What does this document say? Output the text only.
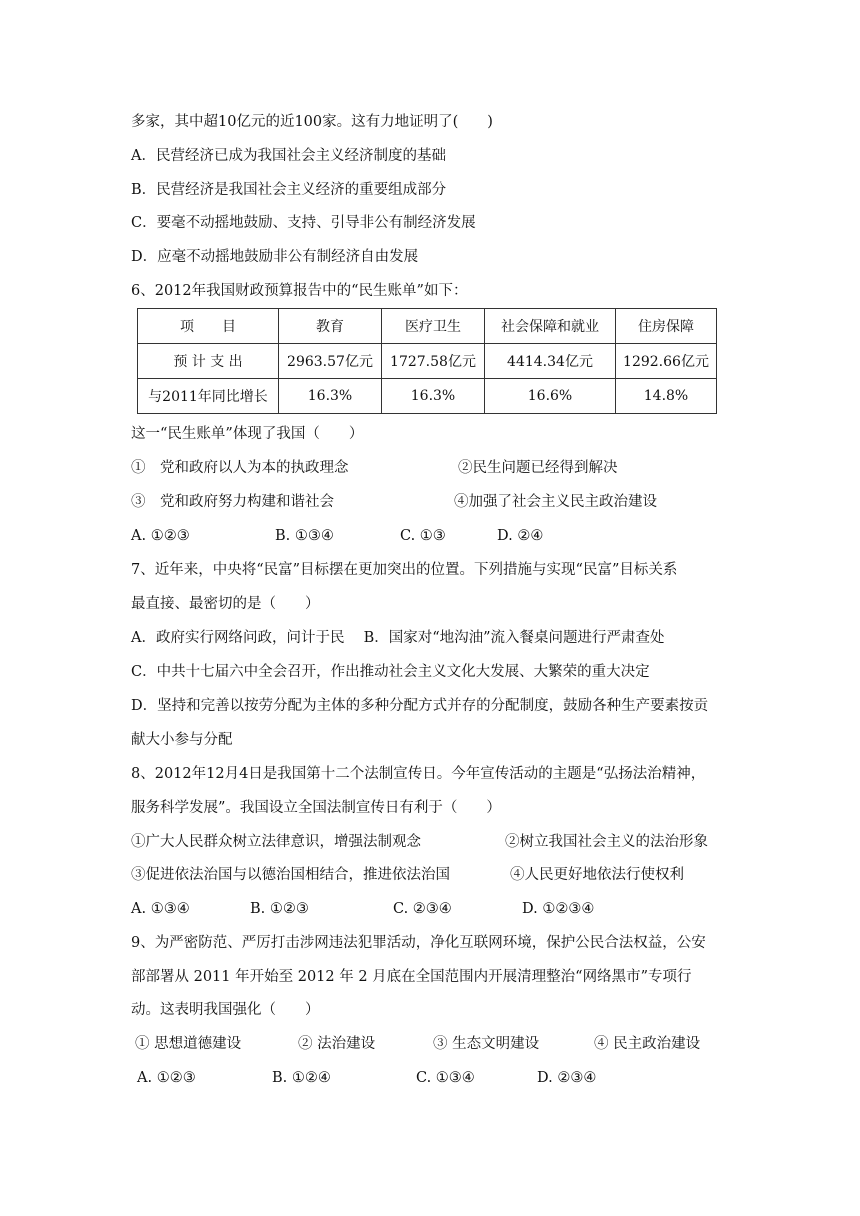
多家，其中超10亿元的近100家。这有力地证明了(　　)
A．民营经济已成为我国社会主义经济制度的基础
B．民营经济是我国社会主义经济的重要组成部分
C．要毫不动摇地鼓励、支持、引导非公有制经济发展
D．应毫不动摇地鼓励非公有制经济自由发展
6、2012年我国财政预算报告中的“民生账单”如下：
项　　目	教育	医疗卫生	社会保障和就业	住房保障
预 计 支 出	2963.57亿元	1727.58亿元	4414.34亿元	1292.66亿元
与2011年同比增长	16.3%	16.3%	16.6%	14.8%
这一“民生账单”体现了我国（　　）
①　党和政府以人为本的执政理念	②民生问题已经得到解决
③　党和政府努力构建和谐社会	④加强了社会主义民主政治建设
A. ①②③	B. ①③④	C. ①③	D. ②④
7、近年来，中央将“民富”目标摆在更加突出的位置。下列措施与实现“民富”目标关系
最直接、最密切的是（　　）
A．政府实行网络问政，问计于民　 B．国家对“地沟油”流入餐桌问题进行严肃查处
C．中共十七届六中全会召开，作出推动社会主义文化大发展、大繁荣的重大决定
D．坚持和完善以按劳分配为主体的多种分配方式并存的分配制度，鼓励各种生产要素按贡
献大小参与分配
8、2012年12月4日是我国第十二个法制宣传日。今年宣传活动的主题是“弘扬法治精神，
服务科学发展”。我国设立全国法制宣传日有利于（　　）
①广大人民群众树立法律意识，增强法制观念	②树立我国社会主义的法治形象
③促进依法治国与以德治国相结合，推进依法治国	④人民更好地依法行使权利
A. ①③④	B. ①②③	C. ②③④	D. ①②③④
9、为严密防范、严厉打击涉网违法犯罪活动，净化互联网环境，保护公民合法权益，公安
部部署从 2011 年开始至 2012 年 2 月底在全国范围内开展清理整治“网络黑市”专项行
动。这表明我国强化（　　）
① 思想道德建设	② 法治建设	③ 生态文明建设	④ 民主政治建设
A. ①②③	B. ①②④	C. ①③④	D. ②③④
